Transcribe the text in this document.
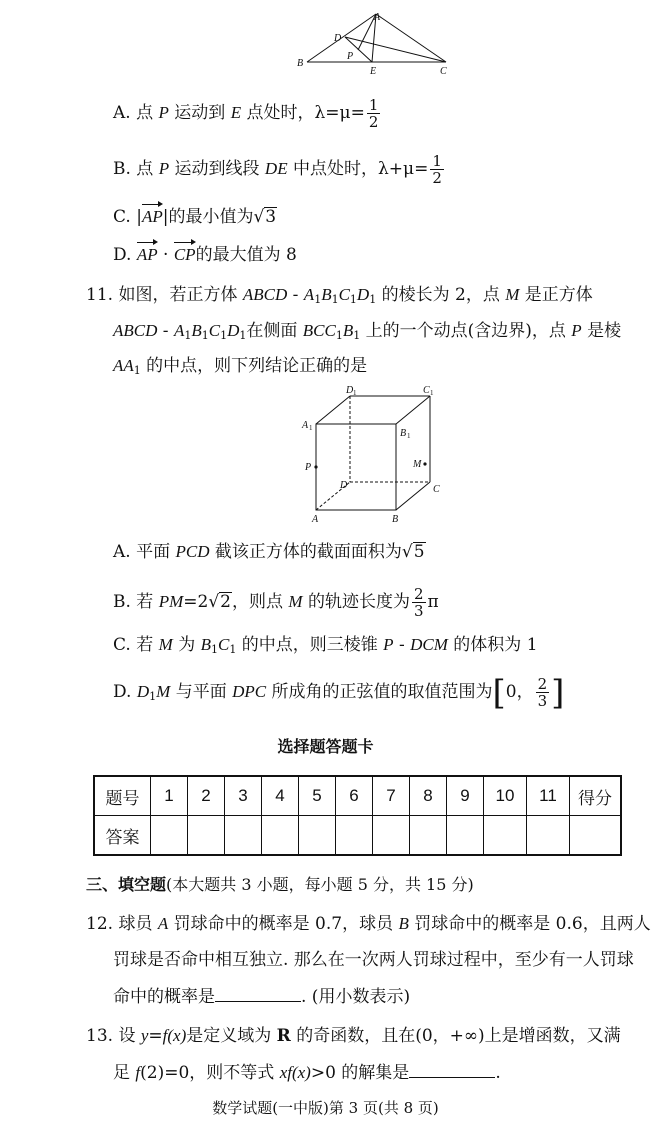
A
D
P
B
E	C
A. 点 P 运动到 E 点处时，$\lambda=\mu= \frac{1}{2}$
B. 点 P 运动到线段 DE 中点处时，$\lambda+\mu= \frac{1}{2}$
C. |AP|的最小值为√3
D. AP · CP的最大值为 8
11. 如图，若正方体 ABCD - $A_1B_1C_1D_1$ 的棱长为 2，点 M 是正方体
ABCD - $A_1B_1C_1D_1$在侧面 $BCC_1B_1$ 上的一个动点(含边界)，点 P 是棱
$AA_1$ 的中点，则下列结论正确的是
D 1	C 1
A 1	B 1
P	M
D	C
A	B
A. 平面 PCD 截该正方体的截面面积为√5
B. 若 PM=2√2，则点 M 的轨迹长度为 $\frac{2}{3}$ π
C. 若 M 为 $B_1C_1$ 的中点，则三棱锥 P - DCM 的体积为 1
D. $D_1M$ 与平面 DPC 所成角的正弦值的取值范围为[0， $\frac{2}{3}$ ]
选择题答题卡
题号	1	2	3	4	5	6	7	8	9	10	11	得分
答案												
三、填空题(本大题共 3 小题，每小题 5 分，共 15 分)
12. 球员 A 罚球命中的概率是 0.7，球员 B 罚球命中的概率是 0.6，且两人
罚球是否命中相互独立. 那么在一次两人罚球过程中，至少有一人罚球
命中的概率是	. (用小数表示)
13. 设 y=f(x)是定义域为 R 的奇函数，且在(0，+∞)上是增函数，又满
足 f(2)=0，则不等式 xf(x)>0 的解集是	.
数学试题(一中版)第 3 页(共 8 页)
